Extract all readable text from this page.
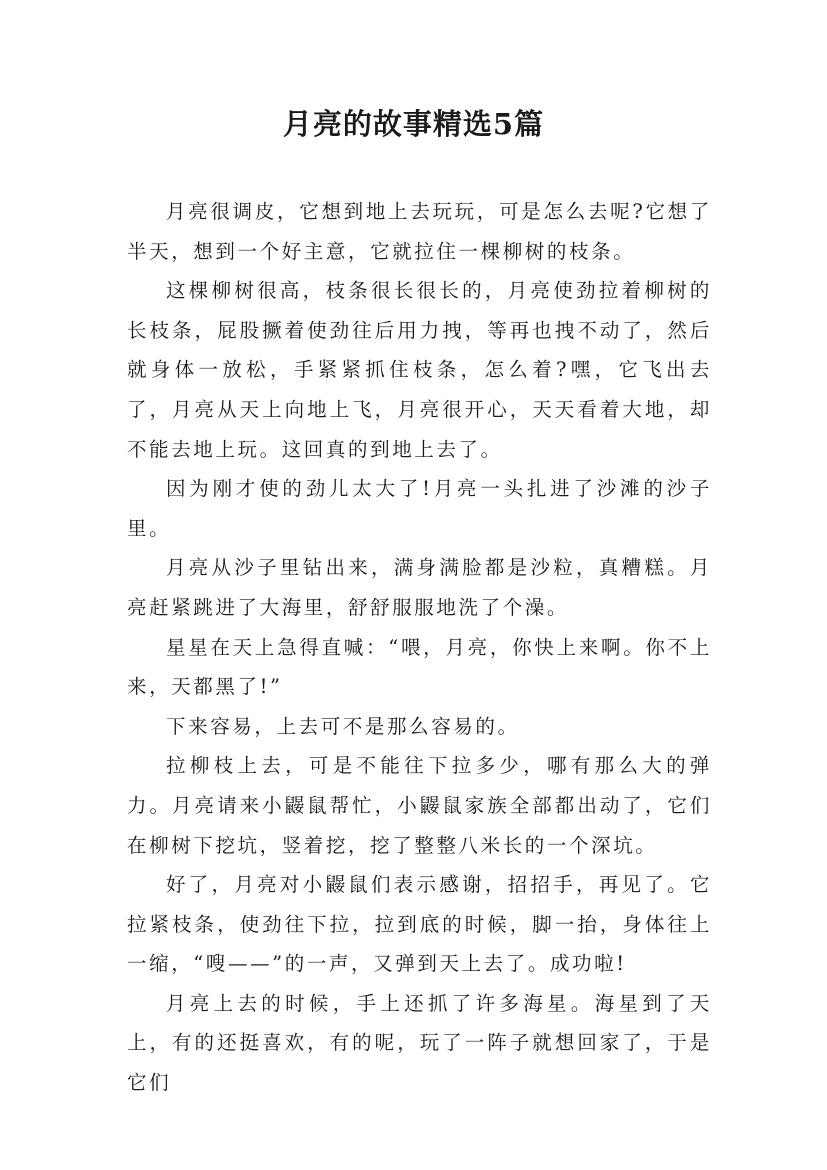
月亮的故事精选5篇

月亮很调皮，它想到地上去玩玩，可是怎么去呢?它想了半天，想到一个好主意，它就拉住一棵柳树的枝条。

这棵柳树很高，枝条很长很长的，月亮使劲拉着柳树的长枝条，屁股撅着使劲往后用力拽，等再也拽不动了，然后就身体一放松，手紧紧抓住枝条，怎么着?嘿，它飞出去了，月亮从天上向地上飞，月亮很开心，天天看着大地，却不能去地上玩。这回真的到地上去了。

因为刚才使的劲儿太大了!月亮一头扎进了沙滩的沙子里。

月亮从沙子里钻出来，满身满脸都是沙粒，真糟糕。月亮赶紧跳进了大海里，舒舒服服地洗了个澡。

星星在天上急得直喊：“喂，月亮，你快上来啊。你不上来，天都黑了!”

下来容易，上去可不是那么容易的。

拉柳枝上去，可是不能往下拉多少，哪有那么大的弹力。月亮请来小鼹鼠帮忙，小鼹鼠家族全部都出动了，它们在柳树下挖坑，竖着挖，挖了整整八米长的一个深坑。

好了，月亮对小鼹鼠们表示感谢，招招手，再见了。它拉紧枝条，使劲往下拉，拉到底的时候，脚一抬，身体往上一缩，“嗖——”的一声，又弹到天上去了。成功啦!

月亮上去的时候，手上还抓了许多海星。海星到了天上，有的还挺喜欢，有的呢，玩了一阵子就想回家了，于是它们
